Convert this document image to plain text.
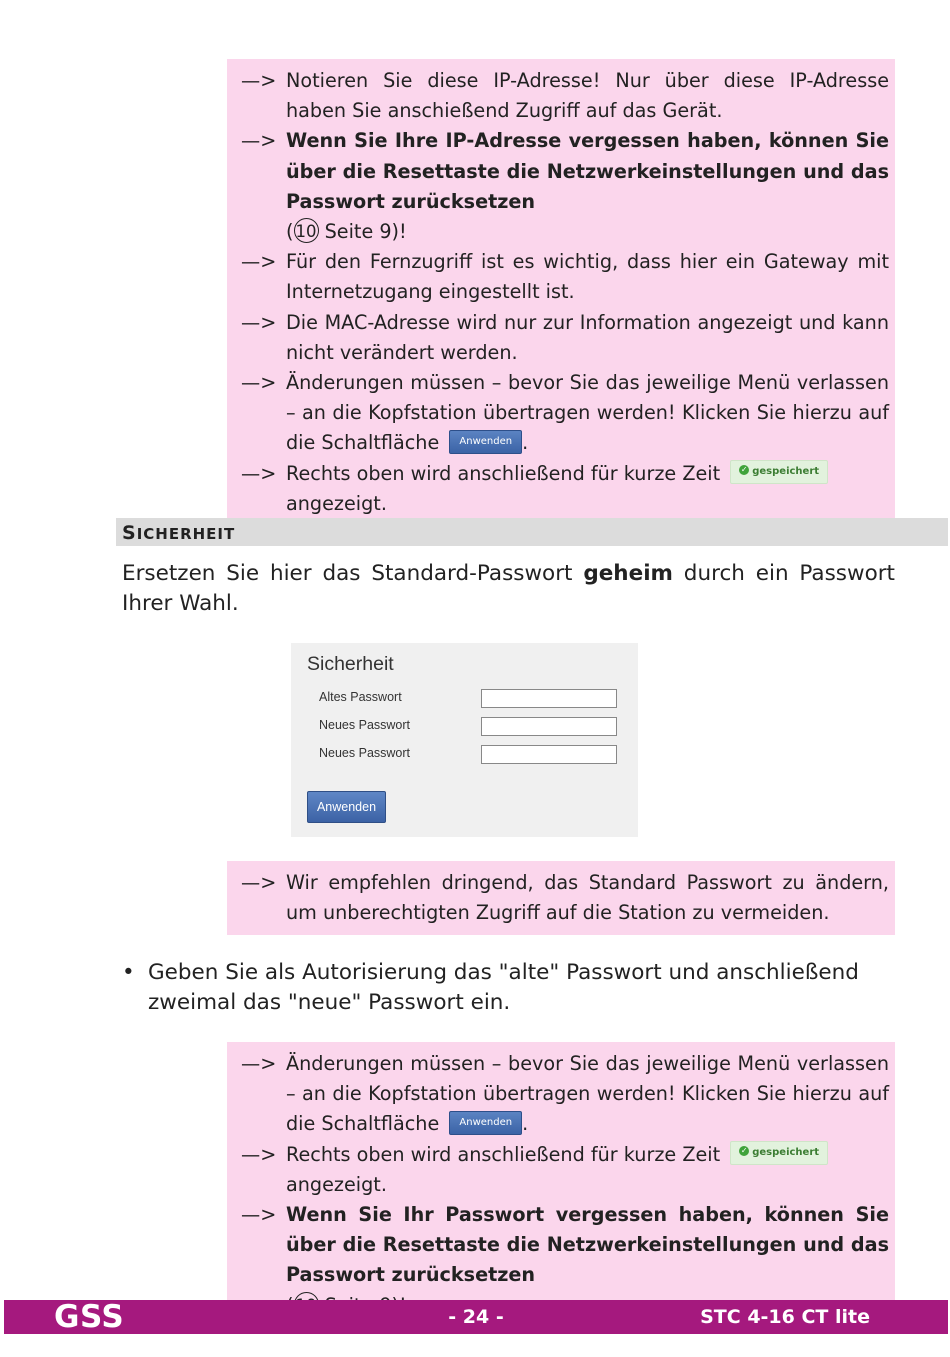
—> Notieren Sie diese IP-Adresse! Nur über diese IP-Adresse haben Sie anschießend Zugriff auf das Gerät.
—> Wenn Sie Ihre IP-Adresse vergessen haben, können Sie über die Resettaste die Netzwerkeinstellungen und das Passwort zurücksetzen
( 10 Seite 9)!
—> Für den Fernzugriff ist es wichtig, dass hier ein Gateway mit Internetzugang eingestellt ist.
—> Die MAC-Adresse wird nur zur Information angezeigt und kann nicht verändert werden.
—> Änderungen müssen – bevor Sie das jeweilige Menü verlassen – an die Kopfstation übertragen werden! Klicken Sie hierzu auf die Schaltfläche Anwenden .
—> Rechts oben wird anschließend für kurze Zeit	✓ gespeichert angezeigt.
SICHERHEIT
Ersetzen Sie hier das Standard-Passwort geheim durch ein Passwort Ihrer Wahl.
Sicherheit
Altes Passwort
Neues Passwort
Neues Passwort
Anwenden
—> Wir empfehlen dringend, das Standard Passwort zu ändern, um unberechtigten Zugriff auf die Station zu vermeiden.
• Geben Sie als Autorisierung das "alte" Passwort und anschließend zweimal das "neue" Passwort ein.
—> Änderungen müssen – bevor Sie das jeweilige Menü verlassen – an die Kopfstation übertragen werden! Klicken Sie hierzu auf die Schaltfläche Anwenden .
—> Rechts oben wird anschließend für kurze Zeit	✓ gespeichert angezeigt.
—> Wenn Sie Ihr Passwort vergessen haben, können Sie über die Resettaste die Netzwerkeinstellungen und das Passwort zurücksetzen

- 24 -
GSS	STC 4-16 CT lite
